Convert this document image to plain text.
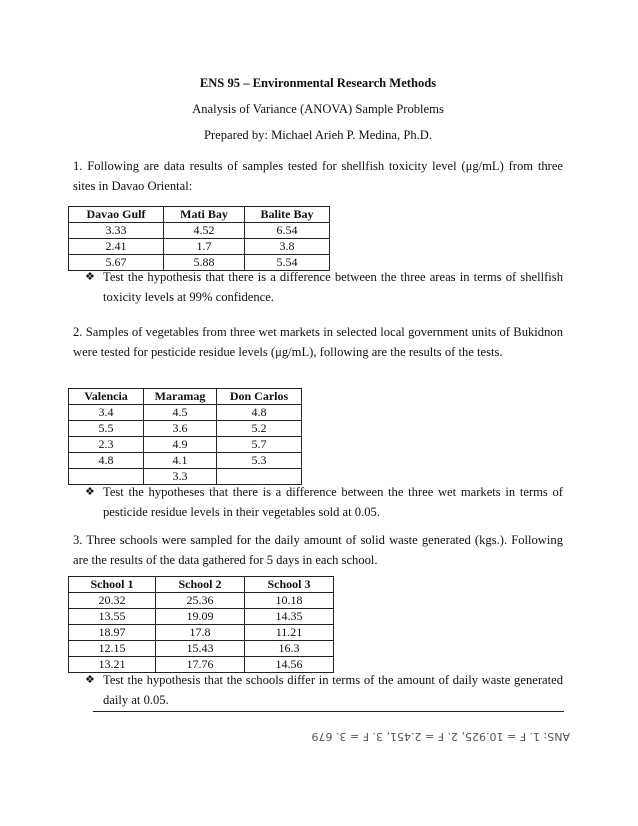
ENS 95 – Environmental Research Methods
Analysis of Variance (ANOVA) Sample Problems
Prepared by: Michael Arieh P. Medina, Ph.D.
1. Following are data results of samples tested for shellfish toxicity level (μg/mL) from three sites in Davao Oriental:
Davao Gulf	Mati Bay	Balite Bay
3.33	4.52	6.54
2.41	1.7	3.8
5.67	5.88	5.54
❖ Test the hypothesis that there is a difference between the three areas in terms of shellfish toxicity levels at 99% confidence.
2. Samples of vegetables from three wet markets in selected local government units of Bukidnon were tested for pesticide residue levels (μg/mL), following are the results of the tests.
Valencia	Maramag	Don Carlos
3.4	4.5	4.8
5.5	3.6	5.2
2.3	4.9	5.7
4.8	4.1	5.3
	3.3	
❖ Test the hypotheses that there is a difference between the three wet markets in terms of pesticide residue levels in their vegetables sold at 0.05.
3. Three schools were sampled for the daily amount of solid waste generated (kgs.). Following are the results of the data gathered for 5 days in each school.
School 1	School 2	School 3
20.32	25.36	10.18
13.55	19.09	14.35
18.97	17.8	11.21
12.15	15.43	16.3
13.21	17.76	14.56
❖ Test the hypothesis that the schools differ in terms of the amount of daily waste generated daily at 0.05.
ANS: 1. F = 10.925, 2. F = 2.451, 3. F = 3. 679
